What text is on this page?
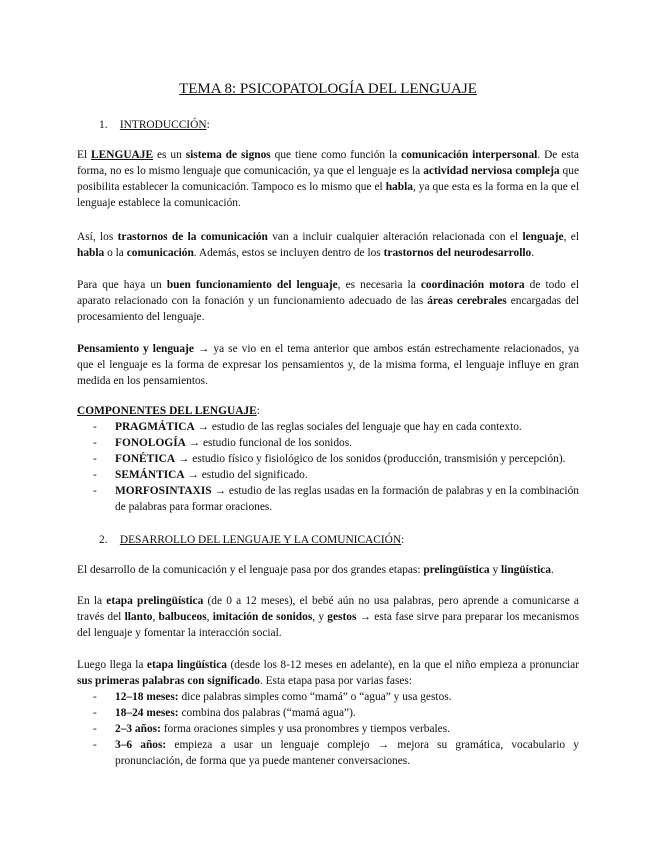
TEMA 8: PSICOPATOLOGÍA DEL LENGUAJE
1. INTRODUCCIÓN:

El LENGUAJE es un sistema de signos que tiene como función la comunicación interpersonal. De esta forma, no es lo mismo lenguaje que comunicación, ya que el lenguaje es la actividad nerviosa compleja que posibilita establecer la comunicación. Tampoco es lo mismo que el habla, ya que esta es la forma en la que el lenguaje establece la comunicación.

Así, los trastornos de la comunicación van a incluir cualquier alteración relacionada con el lenguaje, el habla o la comunicación. Además, estos se incluyen dentro de los trastornos del neurodesarrollo.

Para que haya un buen funcionamiento del lenguaje, es necesaria la coordinación motora de todo el aparato relacionado con la fonación y un funcionamiento adecuado de las áreas cerebrales encargadas del procesamiento del lenguaje.

Pensamiento y lenguaje → ya se vio en el tema anterior que ambos están estrechamente relacionados, ya que el lenguaje es la forma de expresar los pensamientos y, de la misma forma, el lenguaje influye en gran medida en los pensamientos.

COMPONENTES DEL LENGUAJE:
- PRAGMÁTICA → estudio de las reglas sociales del lenguaje que hay en cada contexto.
- FONOLOGÍA → estudio funcional de los sonidos.
- FONÉTICA → estudio físico y fisiológico de los sonidos (producción, transmisión y percepción).
- SEMÁNTICA → estudio del significado.
- MORFOSINTAXIS → estudio de las reglas usadas en la formación de palabras y en la combinación de palabras para formar oraciones.
2. DESARROLLO DEL LENGUAJE Y LA COMUNICACIÓN:

El desarrollo de la comunicación y el lenguaje pasa por dos grandes etapas: prelingüística y lingüística.

En la etapa prelingüística (de 0 a 12 meses), el bebé aún no usa palabras, pero aprende a comunicarse a través del llanto, balbuceos, imitación de sonidos, y gestos → esta fase sirve para preparar los mecanismos del lenguaje y fomentar la interacción social.

Luego llega la etapa lingüística (desde los 8-12 meses en adelante), en la que el niño empieza a pronunciar sus primeras palabras con significado. Esta etapa pasa por varias fases:

- 12–18 meses: dice palabras simples como “mamá” o “agua” y usa gestos.
- 18–24 meses: combina dos palabras (“mamá agua”).
- 2–3 años: forma oraciones simples y usa pronombres y tiempos verbales.
- 3–6 años: empieza a usar un lenguaje complejo → mejora su gramática, vocabulario y pronunciación, de forma que ya puede mantener conversaciones.
